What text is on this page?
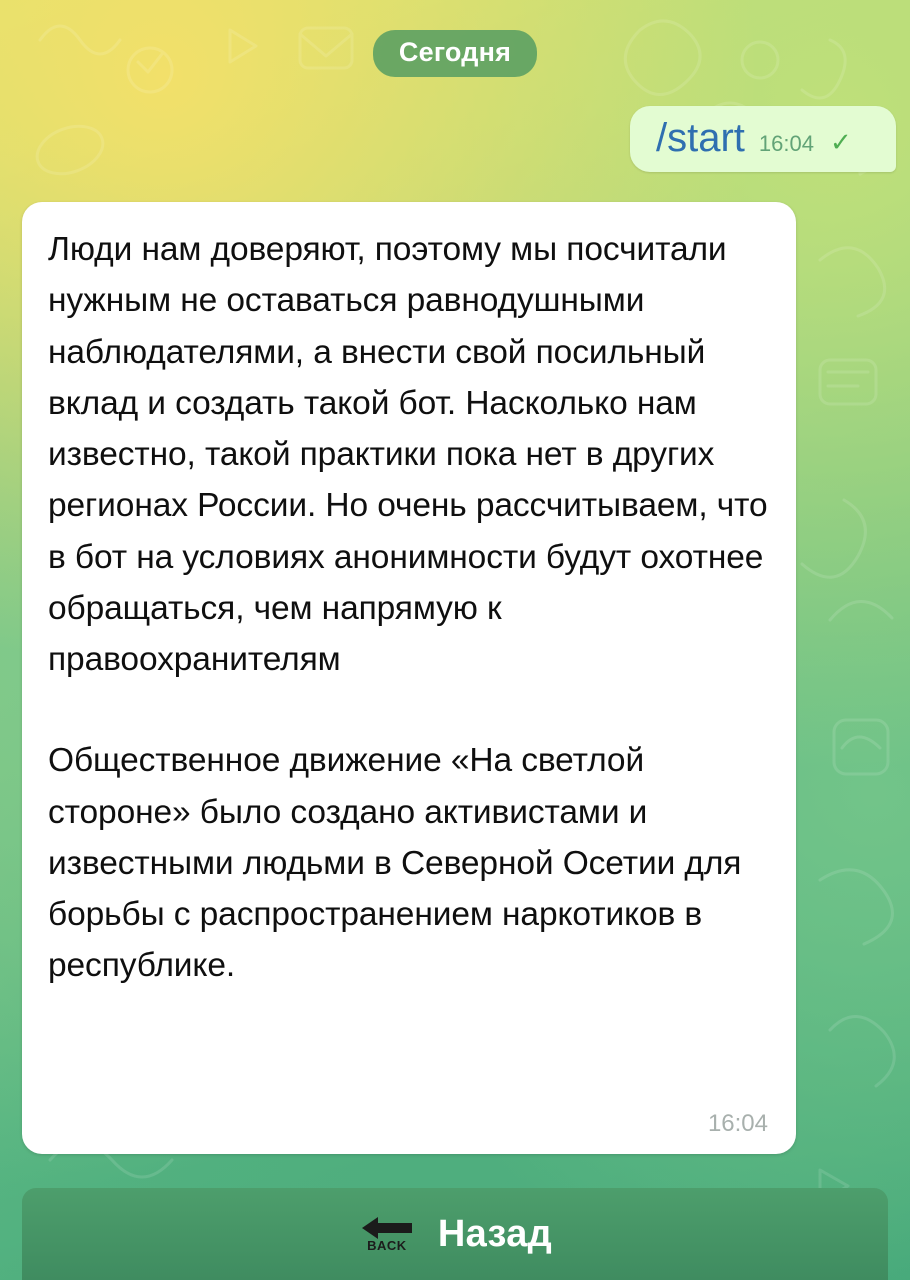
Сегодня
/start 16:04 ✓

Люди нам доверяют, поэтому мы посчитали нужным не оставаться равнодушными наблюдателями, а внести свой посильный вклад и создать такой бот. Насколько нам известно, такой практики пока нет в других регионах России. Но очень рассчитываем, что в бот на условиях анонимности будут охотнее обращаться, чем напрямую к правоохранителям

Общественное движение «На светлой стороне» было создано активистами и известными людьми в Северной Осетии для борьбы с распространением наркотиков в республике.

16:04
BACK Назад
